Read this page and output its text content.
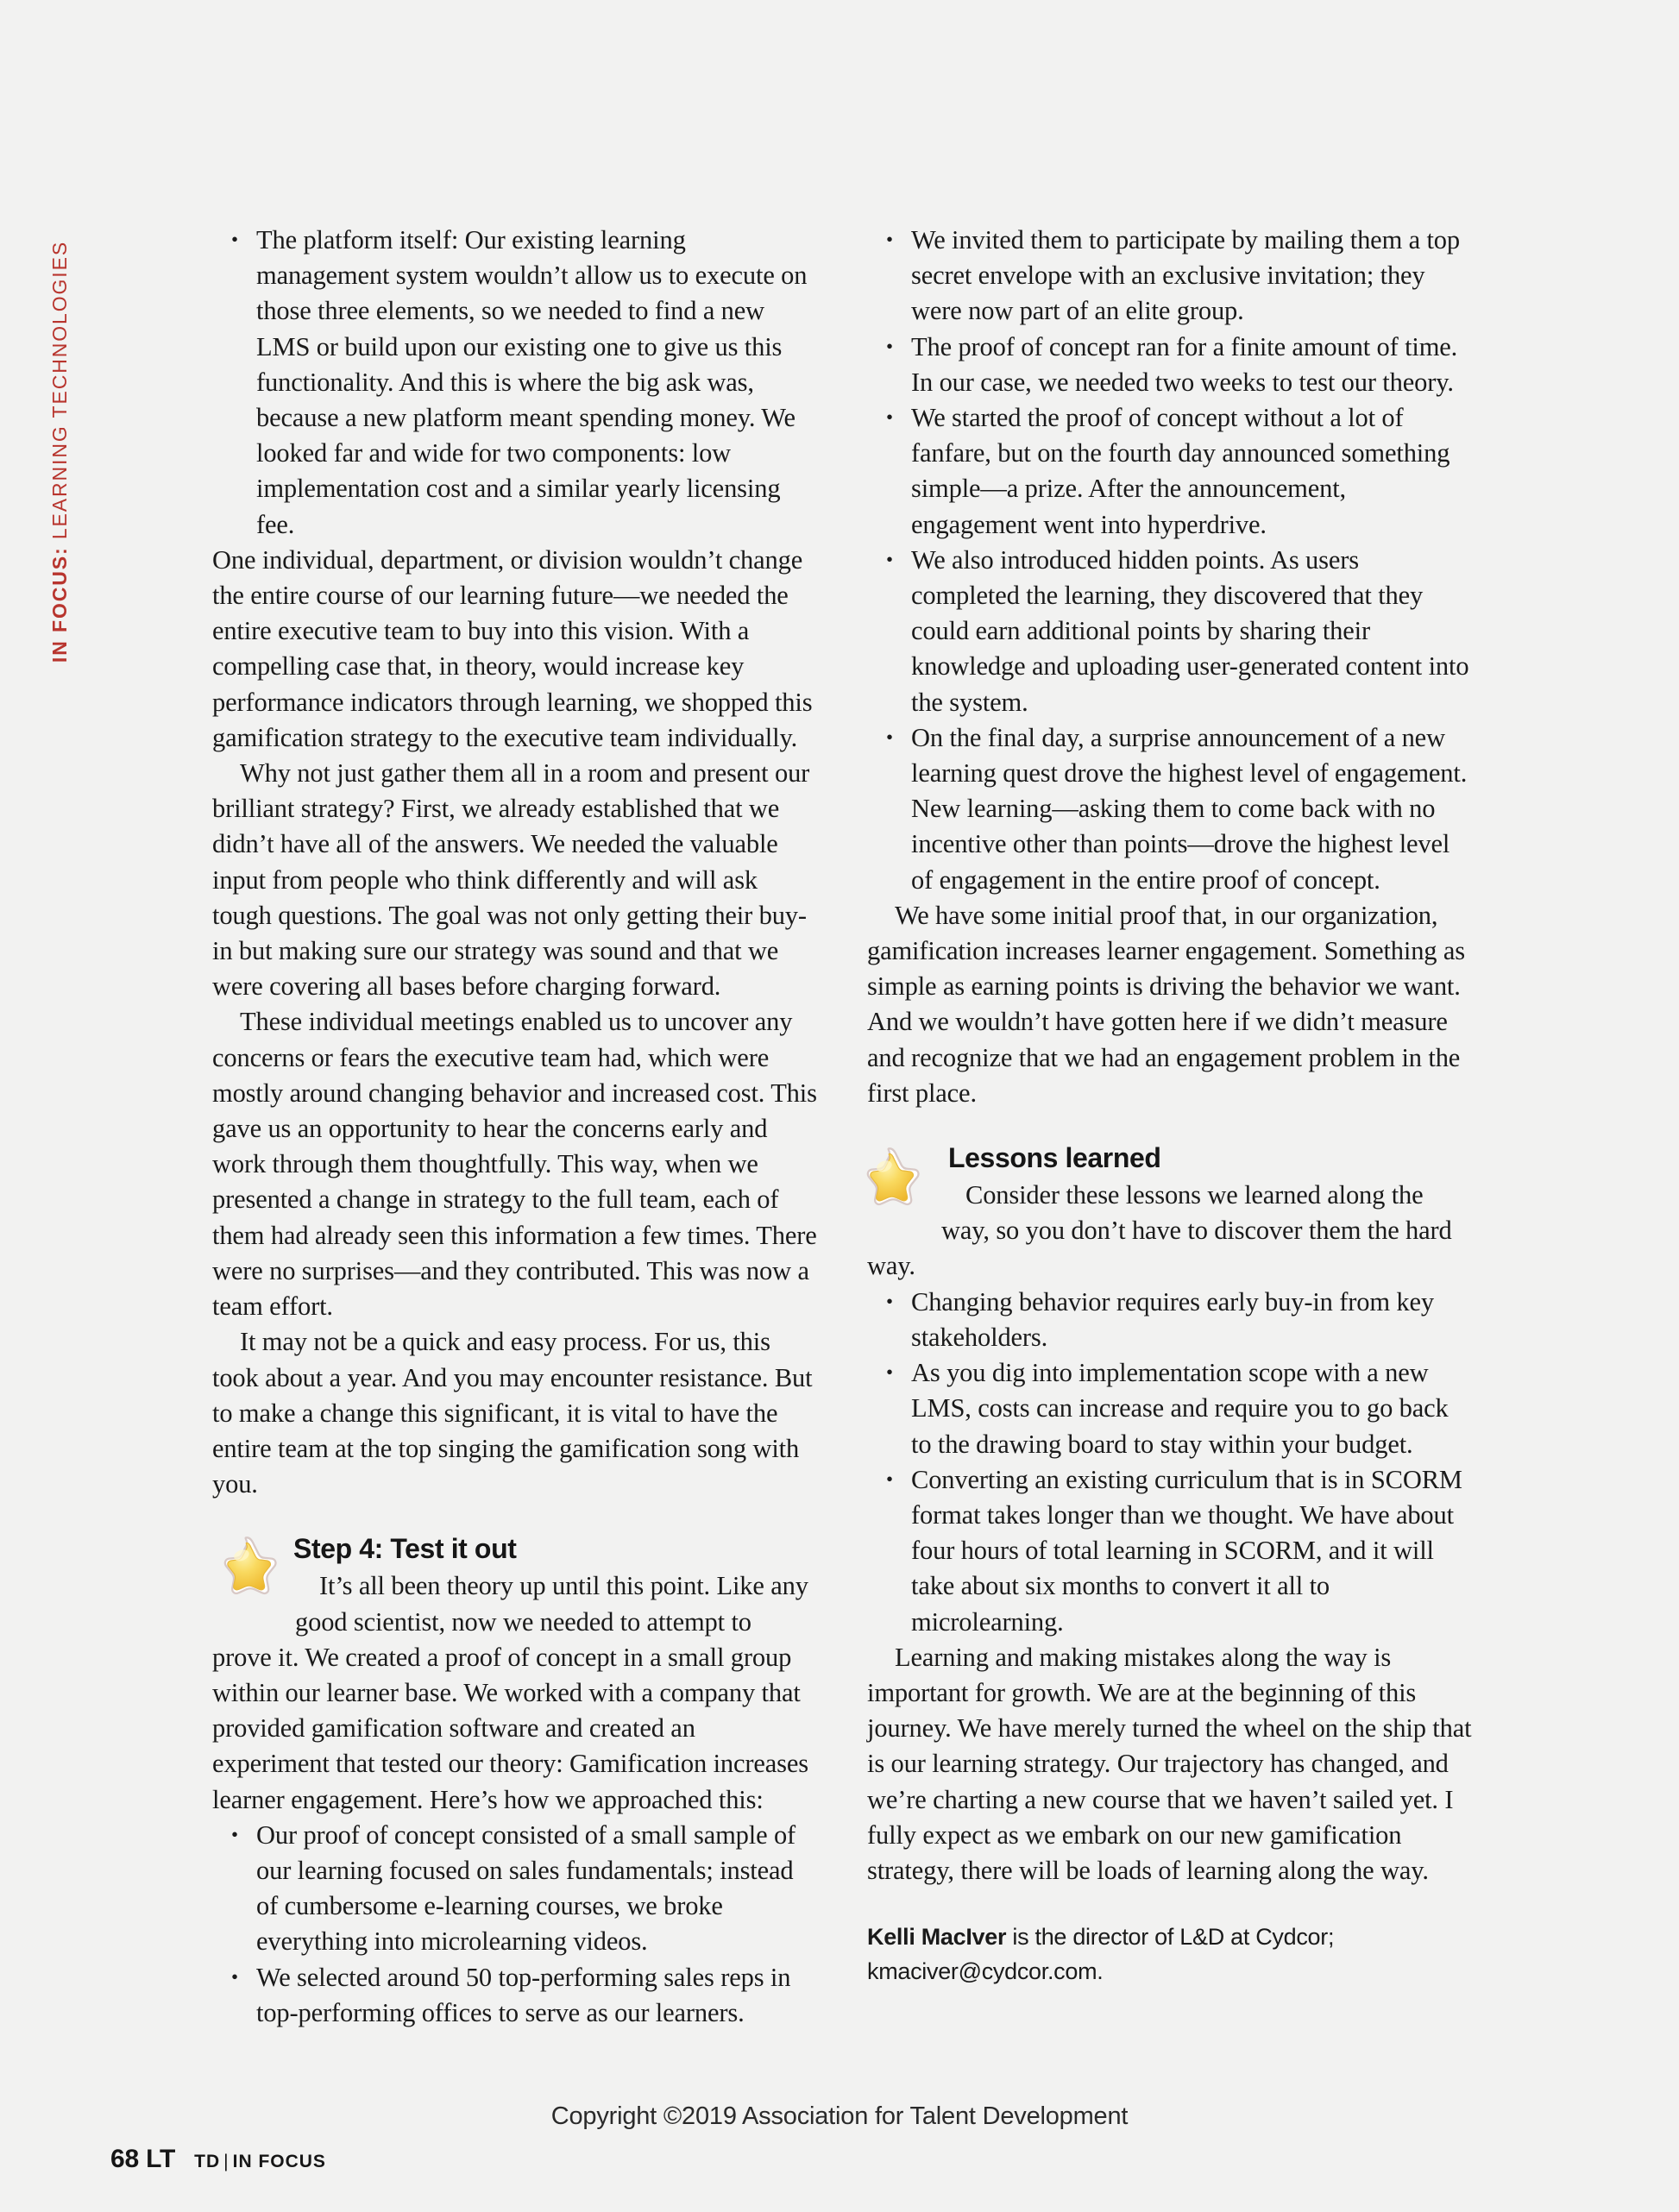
IN FOCUS: LEARNING TECHNOLOGIES
• The platform itself: Our existing learning management system wouldn’t allow us to execute on those three elements, so we needed to find a new LMS or build upon our existing one to give us this functionality. And this is where the big ask was, because a new platform meant spending money. We looked far and wide for two components: low implementation cost and a similar yearly licensing fee.

One individual, department, or division wouldn’t change the entire course of our learning future—we needed the entire executive team to buy into this vision. With a compelling case that, in theory, would increase key performance indicators through learning, we shopped this gamification strategy to the executive team individually.

Why not just gather them all in a room and present our brilliant strategy? First, we already established that we didn’t have all of the answers. We needed the valuable input from people who think differently and will ask tough questions. The goal was not only getting their buy-in but making sure our strategy was sound and that we were covering all bases before charging forward.

These individual meetings enabled us to uncover any concerns or fears the executive team had, which were mostly around changing behavior and increased cost. This gave us an opportunity to hear the concerns early and work through them thoughtfully. This way, when we presented a change in strategy to the full team, each of them had already seen this information a few times. There were no surprises—and they contributed. This was now a team effort.

It may not be a quick and easy process. For us, this took about a year. And you may encounter resistance. But to make a change this significant, it is vital to have the entire team at the top singing the gamification song with you.

Step 4: Test it out

It’s all been theory up until this point. Like any good scientist, now we needed to attempt to prove it. We created a proof of concept in a small group within our learner base. We worked with a company that provided gamification software and created an experiment that tested our theory: Gamification increases learner engagement. Here’s how we approached this:

• Our proof of concept consisted of a small sample of our learning focused on sales fundamentals; instead of cumbersome e-learning courses, we broke everything into microlearning videos.
• We selected around 50 top-performing sales reps in top-performing offices to serve as our learners.
• We invited them to participate by mailing them a top secret envelope with an exclusive invitation; they were now part of an elite group.
• The proof of concept ran for a finite amount of time. In our case, we needed two weeks to test our theory.
• We started the proof of concept without a lot of fanfare, but on the fourth day announced something simple—a prize. After the announcement, engagement went into hyperdrive.
• We also introduced hidden points. As users completed the learning, they discovered that they could earn additional points by sharing their knowledge and uploading user-generated content into the system.
• On the final day, a surprise announcement of a new learning quest drove the highest level of engagement. New learning—asking them to come back with no incentive other than points—drove the highest level of engagement in the entire proof of concept.

We have some initial proof that, in our organization, gamification increases learner engagement. Something as simple as earning points is driving the behavior we want. And we wouldn’t have gotten here if we didn’t measure and recognize that we had an engagement problem in the first place.

Lessons learned

Consider these lessons we learned along the way, so you don’t have to discover them the hard way.

• Changing behavior requires early buy-in from key stakeholders.
• As you dig into implementation scope with a new LMS, costs can increase and require you to go back to the drawing board to stay within your budget.
• Converting an existing curriculum that is in SCORM format takes longer than we thought. We have about four hours of total learning in SCORM, and it will take about six months to convert it all to microlearning.

Learning and making mistakes along the way is important for growth. We are at the beginning of this journey. We have merely turned the wheel on the ship that is our learning strategy. Our trajectory has changed, and we’re charting a new course that we haven’t sailed yet. I fully expect as we embark on our new gamification strategy, there will be loads of learning along the way.

Kelli MacIver is the director of L&D at Cydcor; kmaciver@cydcor.com.

Copyright ©2019 Association for Talent Development
68 LT TD | IN FOCUS
